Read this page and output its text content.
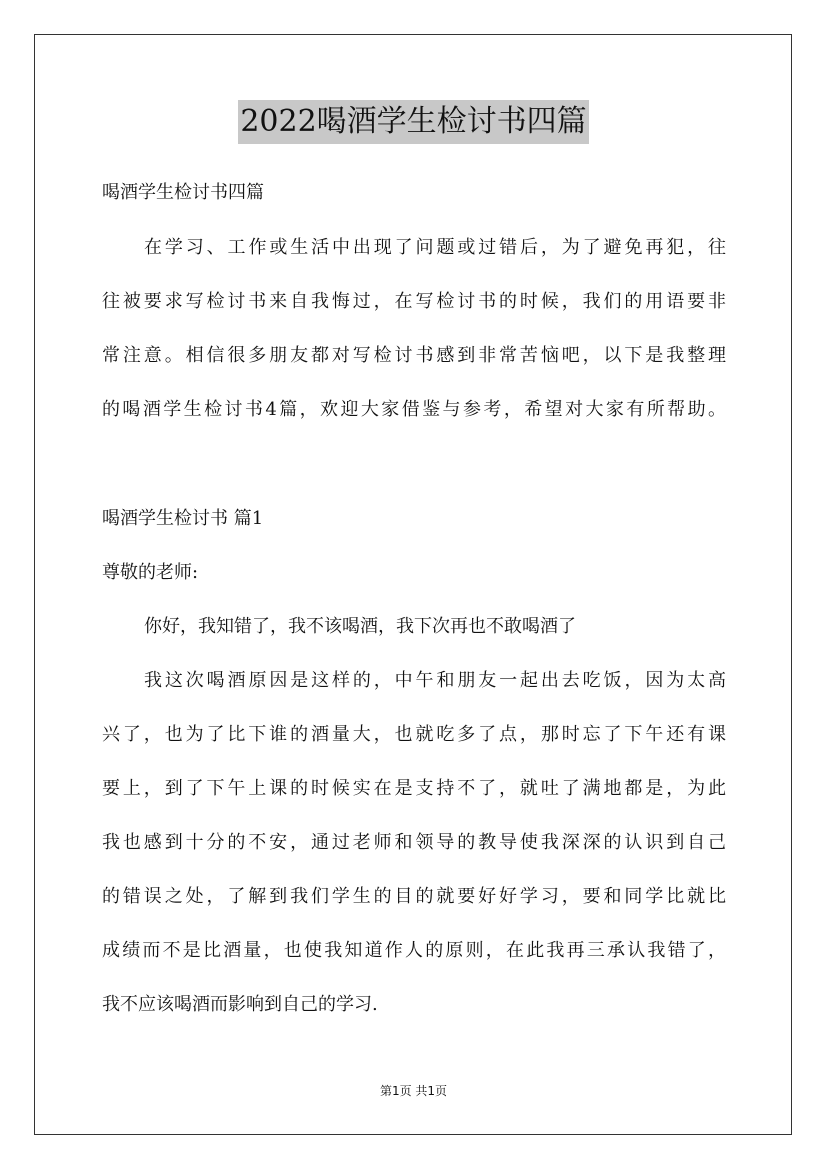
2022喝酒学生检讨书四篇
喝酒学生检讨书四篇
在学习、工作或生活中出现了问题或过错后，为了避免再犯，往
往被要求写检讨书来自我悔过，在写检讨书的时候，我们的用语要非
常注意。相信很多朋友都对写检讨书感到非常苦恼吧，以下是我整理
的喝酒学生检讨书4篇，欢迎大家借鉴与参考，希望对大家有所帮助。
喝酒学生检讨书 篇1
尊敬的老师:
你好，我知错了，我不该喝酒，我下次再也不敢喝酒了
我这次喝酒原因是这样的，中午和朋友一起出去吃饭，因为太高
兴了，也为了比下谁的酒量大，也就吃多了点，那时忘了下午还有课
要上，到了下午上课的时候实在是支持不了，就吐了满地都是，为此
我也感到十分的不安，通过老师和领导的教导使我深深的认识到自己
的错误之处，了解到我们学生的目的就要好好学习，要和同学比就比
成绩而不是比酒量，也使我知道作人的原则，在此我再三承认我错了，
我不应该喝酒而影响到自己的学习.
第1页 共1页
